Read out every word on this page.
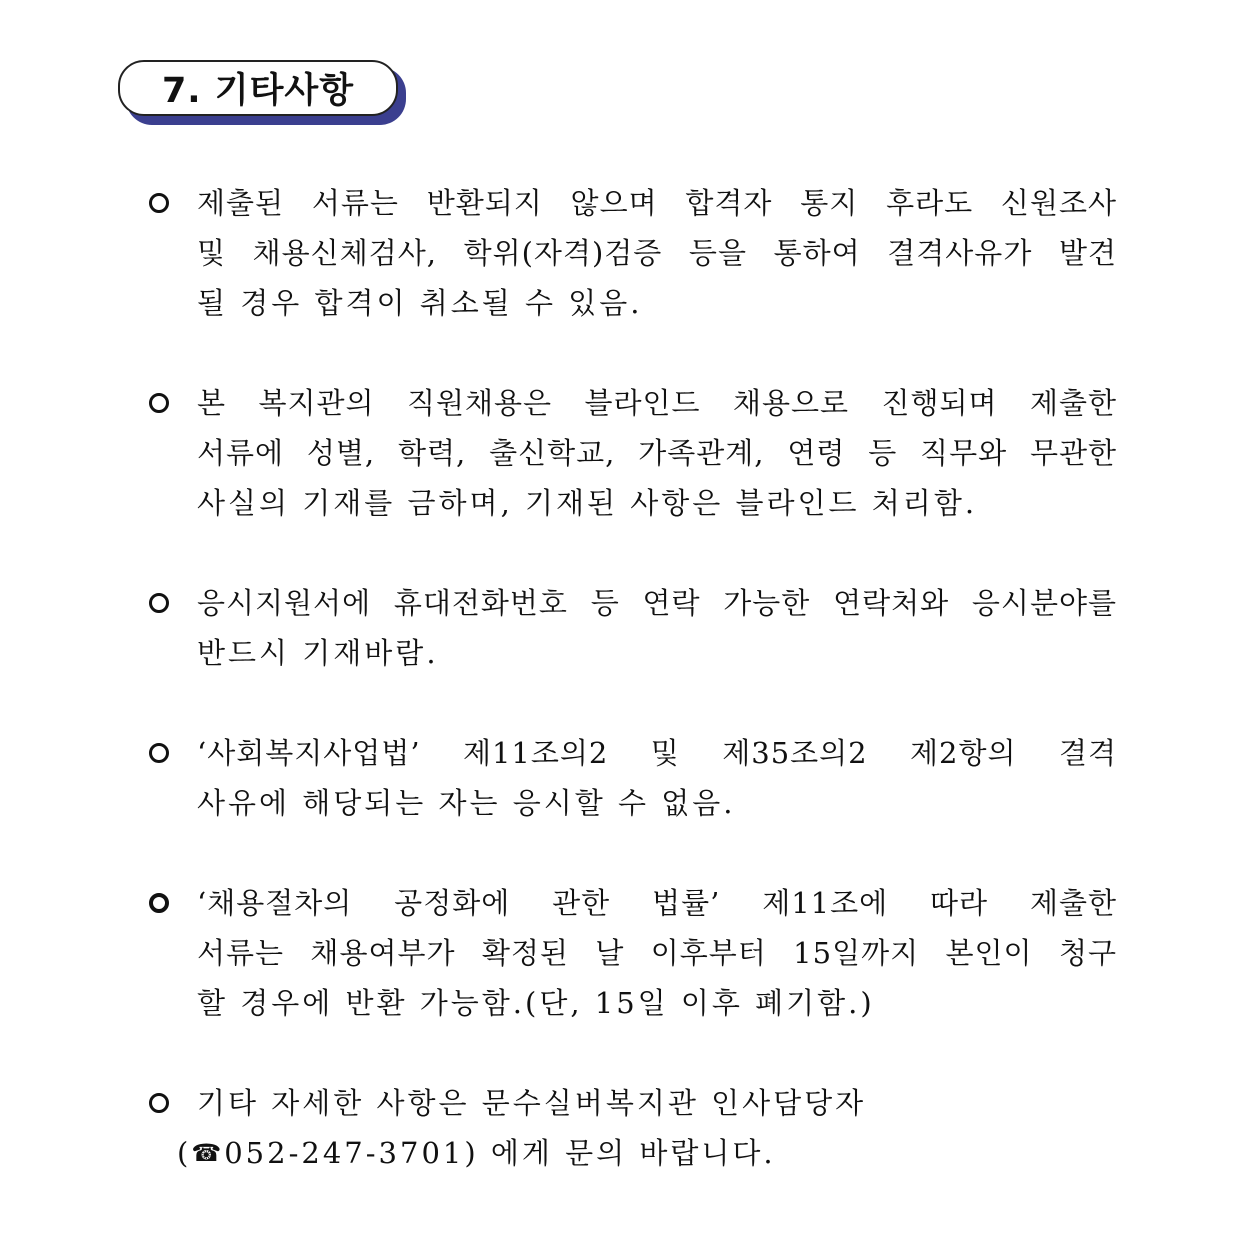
7. 기타사항
제출된 서류는 반환되지 않으며 합격자 통지 후라도 신원조사
및 채용신체검사, 학위(자격)검증 등을 통하여 결격사유가 발견
될 경우 합격이 취소될 수 있음.
본 복지관의 직원채용은 블라인드 채용으로 진행되며 제출한
서류에 성별, 학력, 출신학교, 가족관계, 연령 등 직무와 무관한
사실의 기재를 금하며, 기재된 사항은 블라인드 처리함.
응시지원서에 휴대전화번호 등 연락 가능한 연락처와 응시분야를
반드시 기재바람.
‘사회복지사업법’ 제11조의2 및 제35조의2 제2항의 결격
사유에 해당되는 자는 응시할 수 없음.
‘채용절차의 공정화에 관한 법률’ 제11조에 따라 제출한
서류는 채용여부가 확정된 날 이후부터 15일까지 본인이 청구
할 경우에 반환 가능함.(단, 15일 이후 폐기함.)
기타 자세한 사항은 문수실버복지관 인사담당자
(☎052-247-3701) 에게 문의 바랍니다.
